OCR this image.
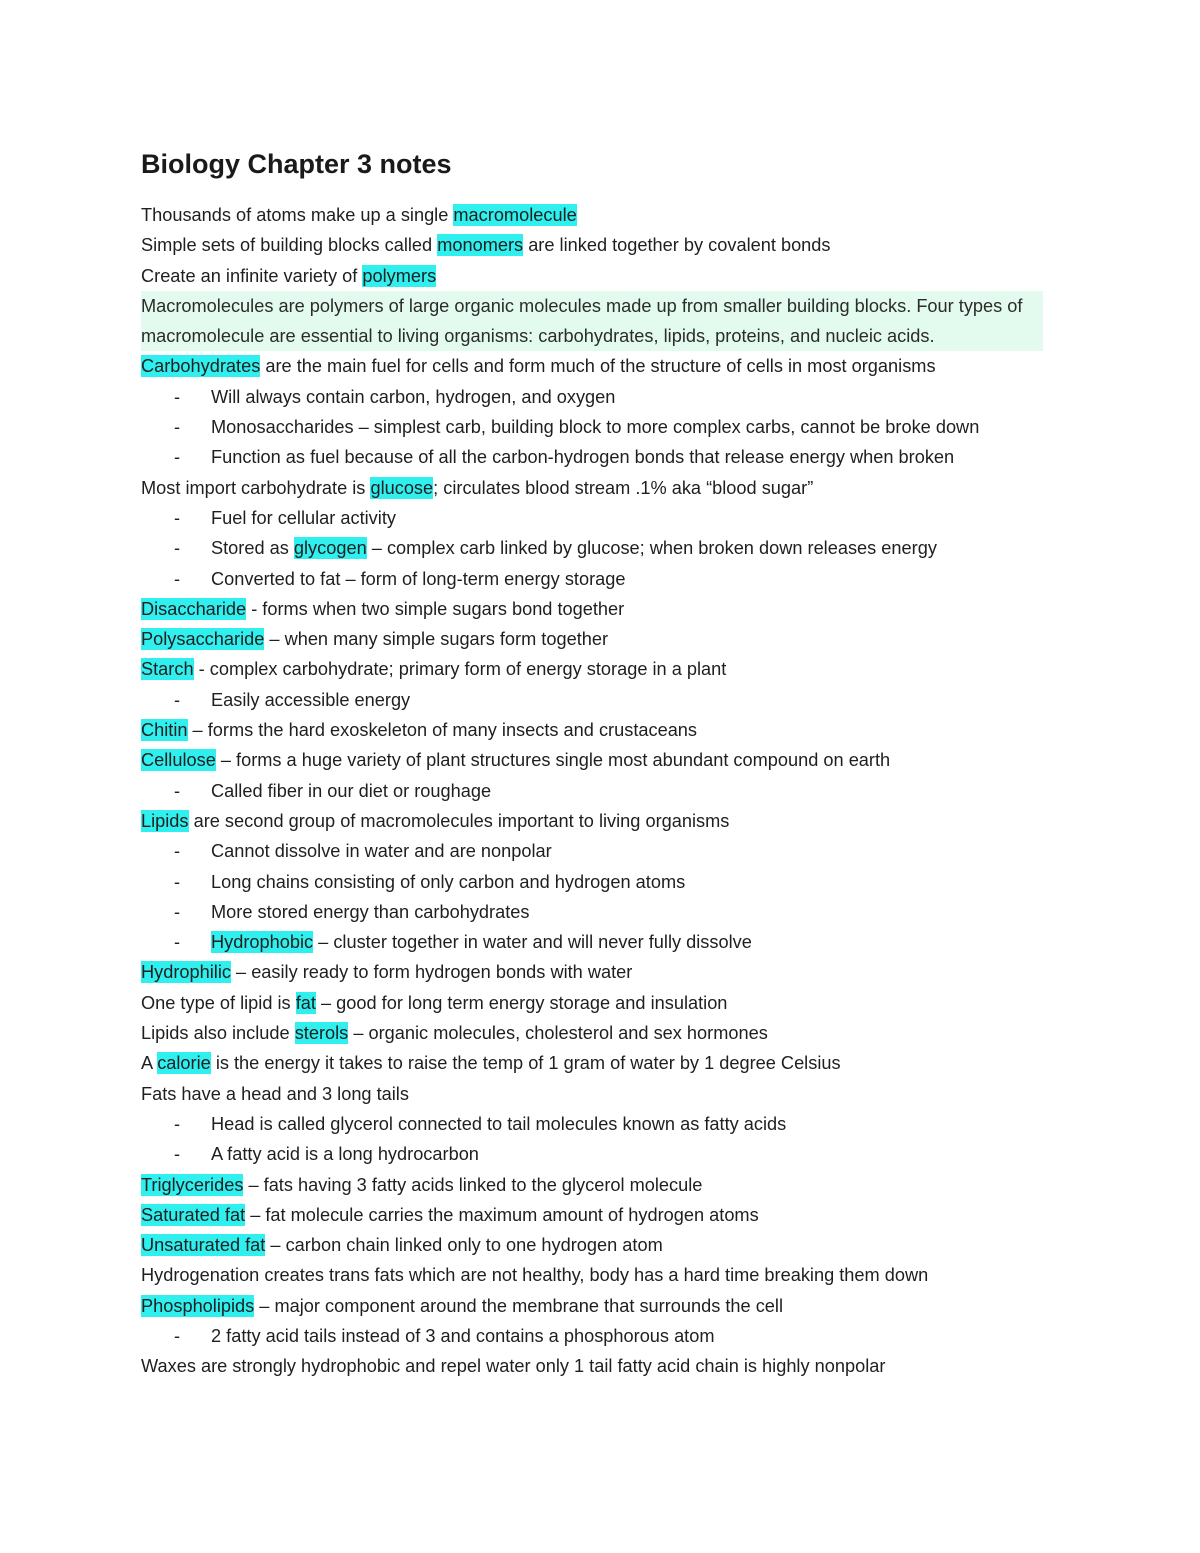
Biology Chapter 3 notes
Thousands of atoms make up a single macromolecule
Simple sets of building blocks called monomers are linked together by covalent bonds
Create an infinite variety of polymers
Macromolecules are polymers of large organic molecules made up from smaller building blocks. Four types of macromolecule are essential to living organisms: carbohydrates, lipids, proteins, and nucleic acids.
Carbohydrates are the main fuel for cells and form much of the structure of cells in most organisms
- Will always contain carbon, hydrogen, and oxygen
- Monosaccharides – simplest carb, building block to more complex carbs, cannot be broke down
- Function as fuel because of all the carbon-hydrogen bonds that release energy when broken
Most import carbohydrate is glucose; circulates blood stream .1% aka “blood sugar”
- Fuel for cellular activity
- Stored as glycogen – complex carb linked by glucose; when broken down releases energy
- Converted to fat – form of long-term energy storage
Disaccharide - forms when two simple sugars bond together
Polysaccharide – when many simple sugars form together
Starch - complex carbohydrate; primary form of energy storage in a plant
- Easily accessible energy
Chitin – forms the hard exoskeleton of many insects and crustaceans
Cellulose – forms a huge variety of plant structures single most abundant compound on earth
- Called fiber in our diet or roughage
Lipids are second group of macromolecules important to living organisms
- Cannot dissolve in water and are nonpolar
- Long chains consisting of only carbon and hydrogen atoms
- More stored energy than carbohydrates
- Hydrophobic – cluster together in water and will never fully dissolve
Hydrophilic – easily ready to form hydrogen bonds with water
One type of lipid is fat – good for long term energy storage and insulation
Lipids also include sterols – organic molecules, cholesterol and sex hormones
A calorie is the energy it takes to raise the temp of 1 gram of water by 1 degree Celsius
Fats have a head and 3 long tails
- Head is called glycerol connected to tail molecules known as fatty acids
- A fatty acid is a long hydrocarbon
Triglycerides – fats having 3 fatty acids linked to the glycerol molecule
Saturated fat – fat molecule carries the maximum amount of hydrogen atoms
Unsaturated fat – carbon chain linked only to one hydrogen atom
Hydrogenation creates trans fats which are not healthy, body has a hard time breaking them down
Phospholipids – major component around the membrane that surrounds the cell
- 2 fatty acid tails instead of 3 and contains a phosphorous atom
Waxes are strongly hydrophobic and repel water only 1 tail fatty acid chain is highly nonpolar
